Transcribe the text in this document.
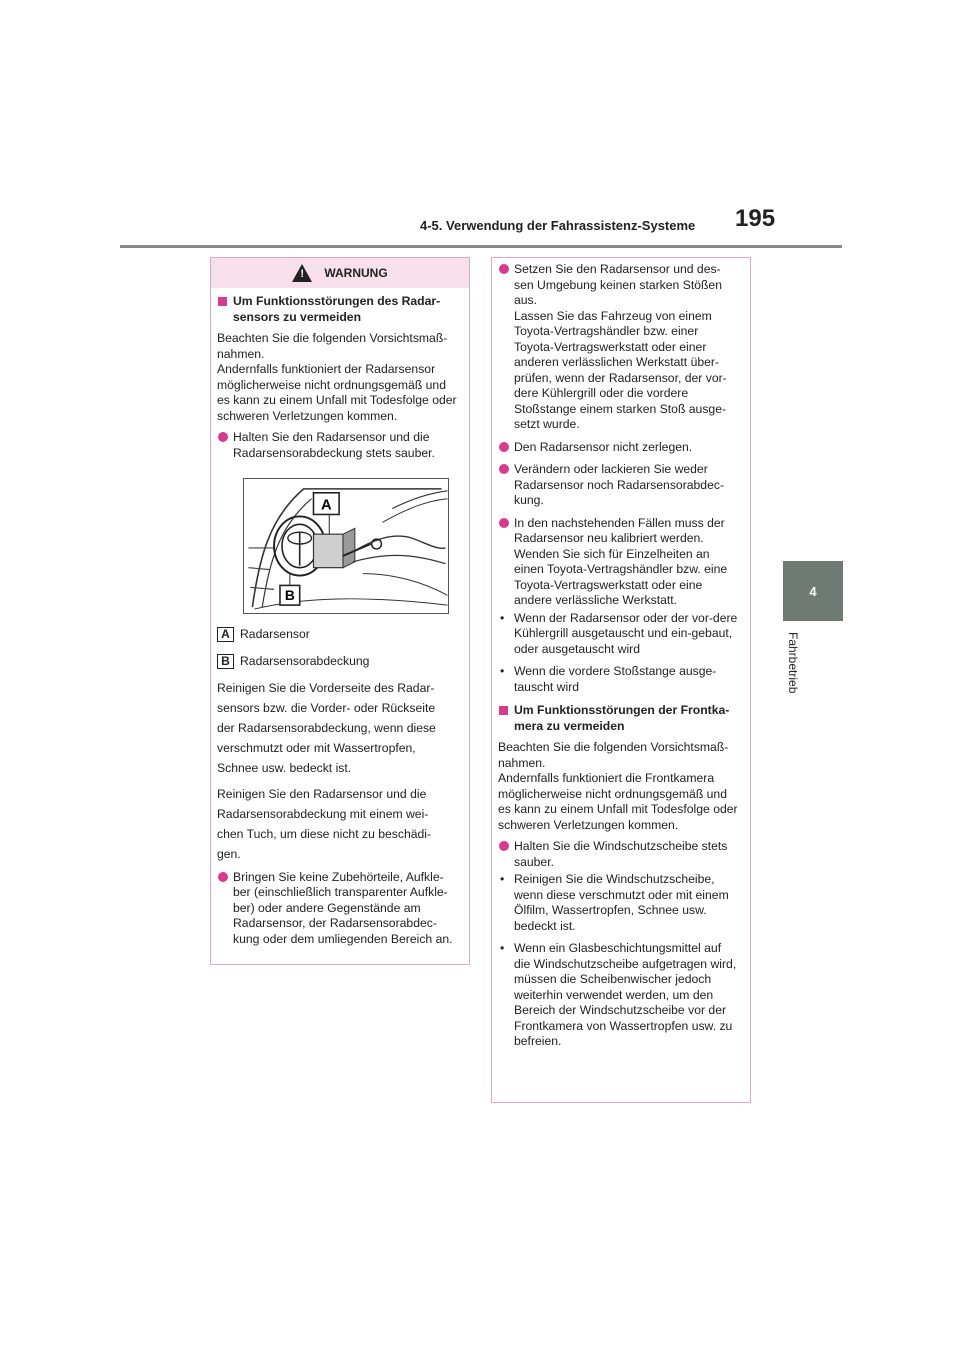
4-5. Verwendung der Fahrassistenz-Systeme 195
4
Fahrbetrieb
! WARNUNG
Um Funktionsstörungen des Radar-sensors zu vermeiden
Beachten Sie die folgenden Vorsichtsmaß-nahmen.
Andernfalls funktioniert der Radarsensor möglicherweise nicht ordnungsgemäß und es kann zu einem Unfall mit Todesfolge oder schweren Verletzungen kommen.
Halten Sie den Radarsensor und die Radarsensorabdeckung stets sauber.
A
B
A Radarsensor
B Radarsensorabdeckung

Reinigen Sie die Vorderseite des Radar-

sensors bzw. die Vorder- oder Rückseite

der Radarsensorabdeckung, wenn diese

verschmutzt oder mit Wassertropfen,

Schnee usw. bedeckt ist.

Reinigen Sie den Radarsensor und die

Radarsensorabdeckung mit einem wei-

chen Tuch, um diese nicht zu beschädi-

gen.

Bringen Sie keine Zubehörteile, Aufkle-ber (einschließlich transparenter Aufkle-ber) oder andere Gegenstände am Radarsensor, der Radarsensorabdec-kung oder dem umliegenden Bereich an.
Setzen Sie den Radarsensor und des-sen Umgebung keinen starken Stößen aus.
Lassen Sie das Fahrzeug von einem Toyota-Vertragshändler bzw. einer Toyota-Vertragswerkstatt oder einer anderen verlässlichen Werkstatt über-prüfen, wenn der Radarsensor, der vor-dere Kühlergrill oder die vordere Stoßstange einem starken Stoß ausge-setzt wurde.
Den Radarsensor nicht zerlegen.
Verändern oder lackieren Sie weder Radarsensor noch Radarsensorabdec-kung.
In den nachstehenden Fällen muss der Radarsensor neu kalibriert werden. Wenden Sie sich für Einzelheiten an einen Toyota-Vertragshändler bzw. eine Toyota-Vertragswerkstatt oder eine andere verlässliche Werkstatt.
• Wenn der Radarsensor oder der vor-dere Kühlergrill ausgetauscht und ein-gebaut, oder ausgetauscht wird
• Wenn die vordere Stoßstange ausge-tauscht wird
Um Funktionsstörungen der Frontka-mera zu vermeiden
Beachten Sie die folgenden Vorsichtsmaß-nahmen.
Andernfalls funktioniert die Frontkamera möglicherweise nicht ordnungsgemäß und es kann zu einem Unfall mit Todesfolge oder schweren Verletzungen kommen.
Halten Sie die Windschutzscheibe stets sauber.
• Reinigen Sie die Windschutzscheibe, wenn diese verschmutzt oder mit einem Ölfilm, Wassertropfen, Schnee usw. bedeckt ist.
• Wenn ein Glasbeschichtungsmittel auf die Windschutzscheibe aufgetragen wird, müssen die Scheibenwischer jedoch weiterhin verwendet werden, um den Bereich der Windschutzscheibe vor der Frontkamera von Wassertropfen usw. zu befreien.
